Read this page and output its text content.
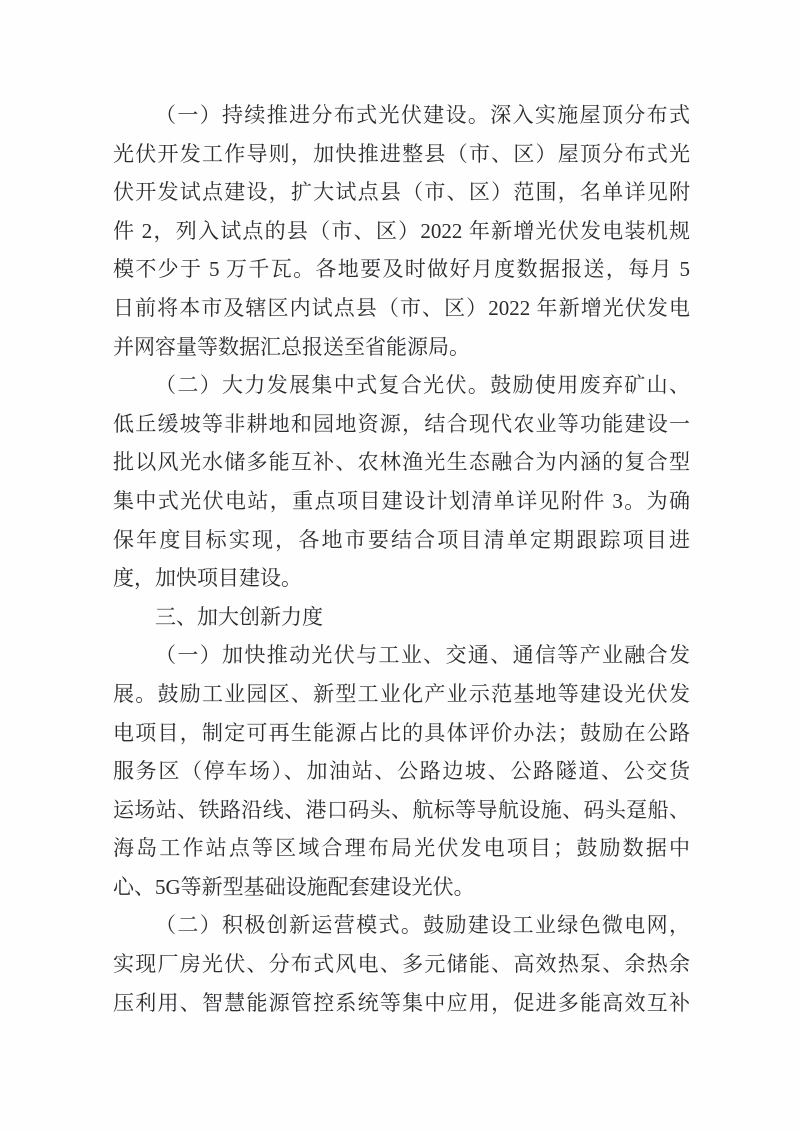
（一）持续推进分布式光伏建设。深入实施屋顶分布式
光伏开发工作导则，加快推进整县（市、区）屋顶分布式光
伏开发试点建设，扩大试点县（市、区）范围，名单详见附
件 2，列入试点的县（市、区）2022 年新增光伏发电装机规
模不少于 5 万千瓦。各地要及时做好月度数据报送，每月 5
日前将本市及辖区内试点县（市、区）2022 年新增光伏发电
并网容量等数据汇总报送至省能源局。
（二）大力发展集中式复合光伏。鼓励使用废弃矿山、
低丘缓坡等非耕地和园地资源，结合现代农业等功能建设一
批以风光水储多能互补、农林渔光生态融合为内涵的复合型
集中式光伏电站，重点项目建设计划清单详见附件 3。为确
保年度目标实现，各地市要结合项目清单定期跟踪项目进
度，加快项目建设。
三、加大创新力度
（一）加快推动光伏与工业、交通、通信等产业融合发
展。鼓励工业园区、新型工业化产业示范基地等建设光伏发
电项目，制定可再生能源占比的具体评价办法；鼓励在公路
服务区（停车场）、加油站、公路边坡、公路隧道、公交货
运场站、铁路沿线、港口码头、航标等导航设施、码头趸船、
海岛工作站点等区域合理布局光伏发电项目；鼓励数据中
心、5G等新型基础设施配套建设光伏。
（二）积极创新运营模式。鼓励建设工业绿色微电网，
实现厂房光伏、分布式风电、多元储能、高效热泵、余热余
压利用、智慧能源管控系统等集中应用，促进多能高效互补
